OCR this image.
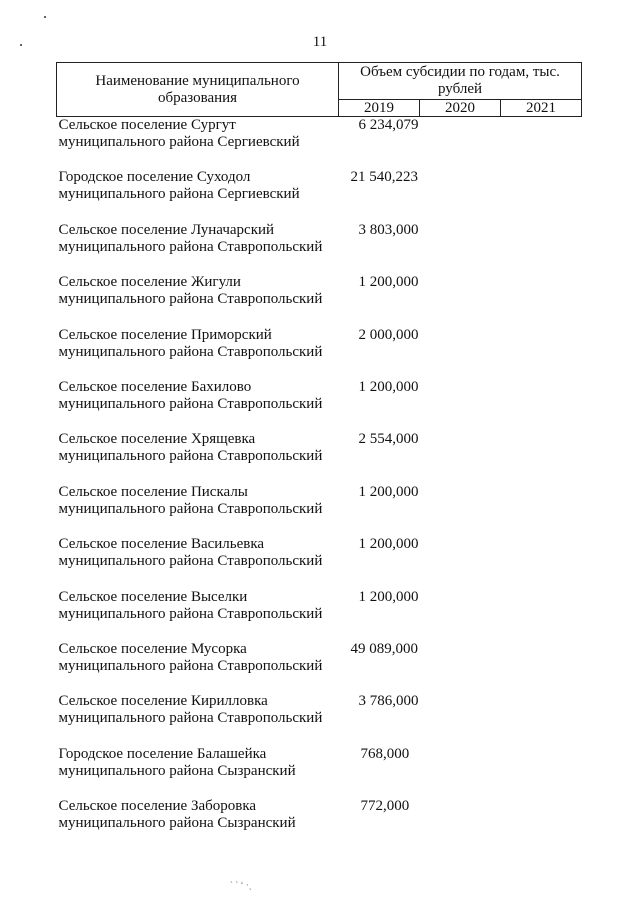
11
Наименование муниципального образования	Объем субсидии по годам, тыс. рублей		
	2019	2020	2021

Сельское поселение Сургут
муниципального района Сергиевский	6 234,079		

Городское поселение Суходол
муниципального района Сергиевский	21 540,223		

Сельское поселение Луначарский
муниципального района Ставропольский	3 803,000		

Сельское поселение Жигули
муниципального района Ставропольский	1 200,000		

Сельское поселение Приморский
муниципального района Ставропольский	2 000,000		

Сельское поселение Бахилово
муниципального района Ставропольский	1 200,000		

Сельское поселение Хрящевка
муниципального района Ставропольский	2 554,000		

Сельское поселение Пискалы
муниципального района Ставропольский	1 200,000		

Сельское поселение Васильевка
муниципального района Ставропольский	1 200,000		

Сельское поселение Выселки
муниципального района Ставропольский	1 200,000		

Сельское поселение Мусорка
муниципального района Ставропольский	49 089,000		

Сельское поселение Кирилловка
муниципального района Ставропольский	3 786,000		

Городское поселение Балашейка
муниципального района Сызранский	768,000		

Сельское поселение Заборовка
муниципального района Сызранский	772,000		
` ` ‘ ·ˎ
